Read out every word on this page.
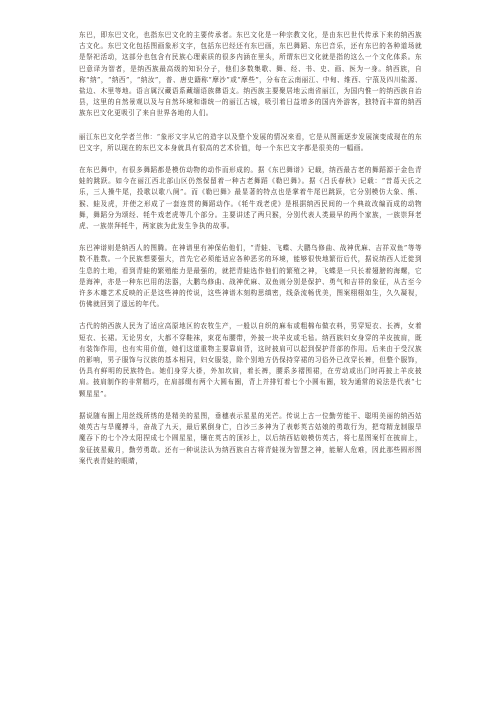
东巴，即东巴文化，也指东巴文化的主要传承者。东巴文化是一种宗教文化，是由东巴世代传承下来的纳西族古文化。东巴文化包括图画象形文字，包括东巴经还有东巴画，东巴舞蹈、东巴音乐，还有东巴的各种道场就是祭祀活动，这部分也包含有民族心理素质的很多内涵在里头，所谓东巴文化就是指的这么一个文化体系。东巴意译为智者，是纳西族最高级的知识分子，他们多数集歌、舞、经、书、史、画、医为一身。纳西族，自称“纳”，“纳西”，“纳汝”，普、唐史籍称“摩沙”或“摩些”，分布在云南丽江、中甸、维西、宁蒗及四川盐源、盐边、木里等地。语言属汉藏语系藏缅语族彝语支。纳西族主要聚居地云南省丽江，为国内惟一的纳西族自治县，这里的自然景观以及与自然环境和谐统一的丽江古城，吸引着日益增多的国内外游客，独特而丰富的纳西族东巴文化更吸引了来自世界各地的人们。

丽江东巴文化学者兰伟：“象形文字从它的造字以及整个发展的情况来看，它是从图画逐步发展演变成现在的东巴文字，所以现在的东巴文本身就具有很高的艺术价值，每一个东巴文字都是很美的一幅画。

在东巴舞中，有很多舞蹈都是模仿动物的动作而形成的。据《东巴舞谱》记载，纳西最古老的舞蹈源于金色青蛙的跳跃。如今在丽江西北部山区仍然保留着一种古老舞蹈《勒巴舞》。据《吕氏春秋》记载：“昔葛天氏之乐，三人操牛尾，投歌以歌八阕”。而《勒巴舞》最显著的特点也是掌着牛尾巴跳跃，它分别模仿大象、熊、猴、蛙及虎，并使之形成了一套连贯的舞蹈动作。《牦牛戏老虎》是根据纳西民间的一个典故改编而成的动物舞，舞蹈分为颂经、牦牛戏老虎等几个部分。主要讲述了两只猴，分别代表人类最早的两个家族，一族崇拜老虎、一族崇拜牦牛，两家族为此发生争执的故事。

东巴神谱则是纳西人的图腾。在神谱里有神保佑他们，“青蛙、飞蝶、大鹏鸟修曲、战神优麻、吉祥双鱼”等等数不胜数。一个民族想要强大，首先它必须能适应各种恶劣的环境，能够很快地繁衍后代，据说纳西人迁徙到生息的土地，看到青蛙的繁殖能力是最强的，就把青蛙选作他们的繁殖之神，飞蝶是一只长着翅膀的海螺，它是海神，亦是一种东巴用的法器，大鹏鸟修曲、战神优麻、双鱼则分别是保护、勇气和吉祥的象征，从古至今许多木雕艺术反映的正是这些神的传说，这些神谱木刻构思缜密，线条流畅优美，图案栩栩如生，久久凝视，仿佛就回到了遥远的年代。

古代的纳西族人民为了适应高原地区的农牧生产，一般以自织的麻布或粗棉布做衣料，男穿短衣、长裤，女着短衣、长裙。无论男女，大都不穿鞋袜，束花布腰带，外披一块羊皮或毛毡。纳西族妇女身穿的羊皮披肩，既有装饰作用，也有实用价值，她们这道重物主要靠肩背，这时披肩可以起到保护背部的作用。后来由于受汉族的影响，男子服饰与汉族的基本相同，妇女服装，除个别地方仍保持穿裙的习俗外已改穿长裤，但整个服饰，仍具有鲜明的民族特色。她们身穿大褂，外加坎肩，着长裤，腰系多褶围裙，在劳动或出门时再披上羊皮披肩。披肩制作的非常精巧，在肩部缀有两个大圆布圈，背上并排钉着七个小圆布圈，较为通常的说法是代表“七颗星星”。

据说随布圈上用丝线所绣的是精美的星图，垂穗表示星星的光芒。传说上古一位勤劳能干、聪明美丽的纳西姑娘英古与旱魔搏斗，奋战了九天，最后累倒身亡，白沙三多神为了表彰英古姑娘的勇敢行为，把弯精龙制服旱魔吞下的七个冷太阳捏成七个圆星星，镶在英古的顶衫上，以后纳西姑娘模仿英古，将七星图案钉在披肩上，象征披星戴月，勤劳勇敢。还有一种说法认为纳西族自古将青蛙视为智慧之神，能解人危难，因此那些圆形图案代表青蛙的眼睛，
